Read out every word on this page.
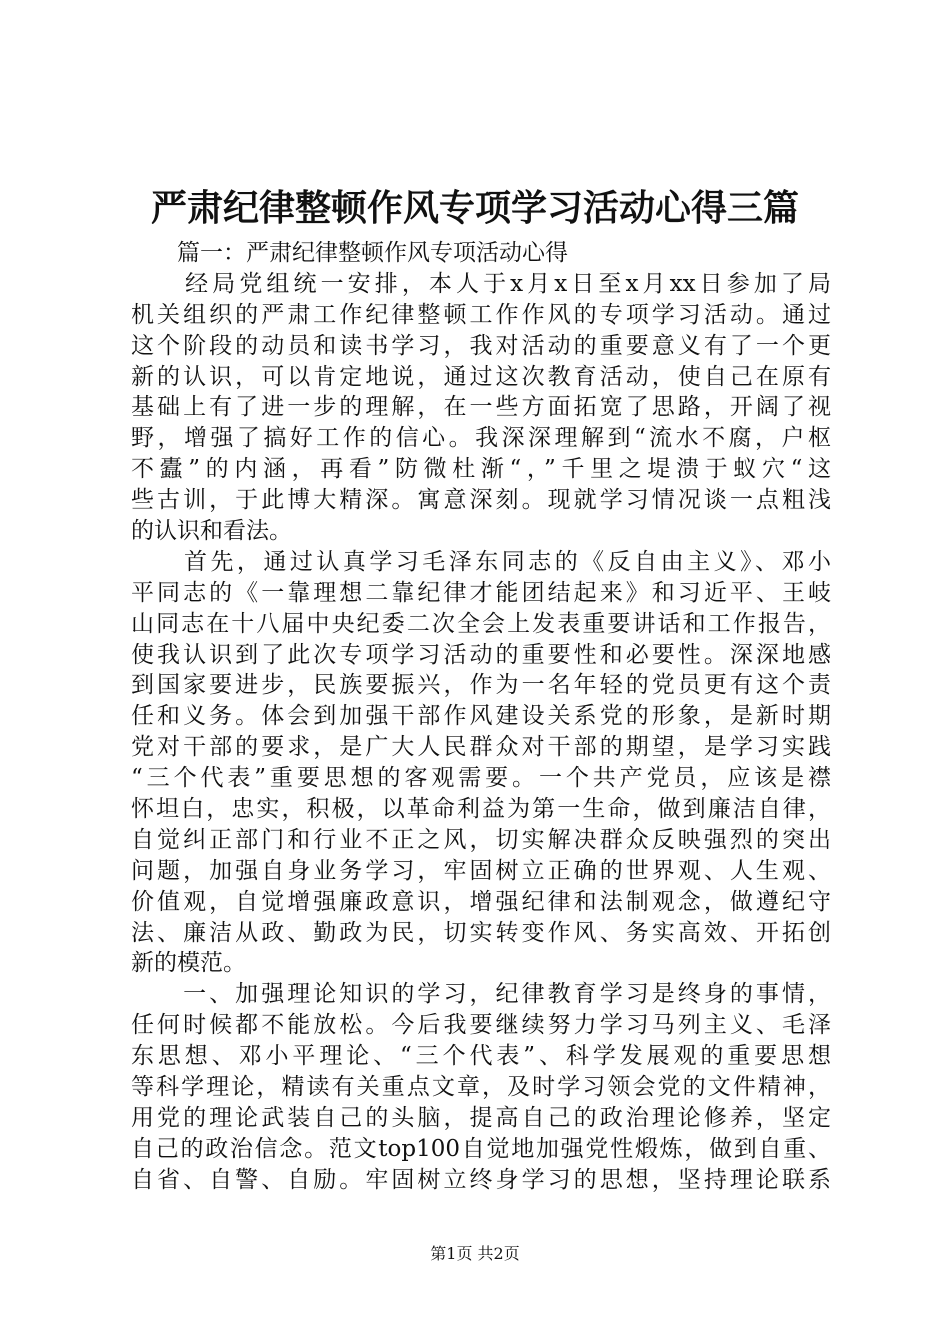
严肃纪律整顿作风专项学习活动心得三篇
　　篇一：严肃纪律整顿作风专项活动心得
　　经局党组统一安排，本人于x月x日至x月xx日参加了局
机关组织的严肃工作纪律整顿工作作风的专项学习活动。通过
这个阶段的动员和读书学习，我对活动的重要意义有了一个更
新的认识，可以肯定地说，通过这次教育活动，使自己在原有
基础上有了进一步的理解，在一些方面拓宽了思路，开阔了视
野，增强了搞好工作的信心。我深深理解到“流水不腐，户枢
不蠹”的内涵，再看”防微杜渐“，”千里之堤溃于蚁穴“这
些古训，于此博大精深。寓意深刻。现就学习情况谈一点粗浅
的认识和看法。
　　首先，通过认真学习毛泽东同志的《反自由主义》、邓小
平同志的《一靠理想二靠纪律才能团结起来》和习近平、王岐
山同志在十八届中央纪委二次全会上发表重要讲话和工作报告，
使我认识到了此次专项学习活动的重要性和必要性。深深地感
到国家要进步，民族要振兴，作为一名年轻的党员更有这个责
任和义务。体会到加强干部作风建设关系党的形象，是新时期
党对干部的要求，是广大人民群众对干部的期望，是学习实践
“三个代表”重要思想的客观需要。一个共产党员，应该是襟
怀坦白，忠实，积极，以革命利益为第一生命，做到廉洁自律，
自觉纠正部门和行业不正之风，切实解决群众反映强烈的突出
问题，加强自身业务学习，牢固树立正确的世界观、人生观、
价值观，自觉增强廉政意识，增强纪律和法制观念，做遵纪守
法、廉洁从政、勤政为民，切实转变作风、务实高效、开拓创
新的模范。
　　一、加强理论知识的学习，纪律教育学习是终身的事情，
任何时候都不能放松。今后我要继续努力学习马列主义、毛泽
东思想、邓小平理论、“三个代表”、科学发展观的重要思想
等科学理论，精读有关重点文章，及时学习领会党的文件精神，
用党的理论武装自己的头脑，提高自己的政治理论修养，坚定
自己的政治信念。范文top100自觉地加强党性煅炼，做到自重、
自省、自警、自励。牢固树立终身学习的思想，坚持理论联系
第1页 共2页
